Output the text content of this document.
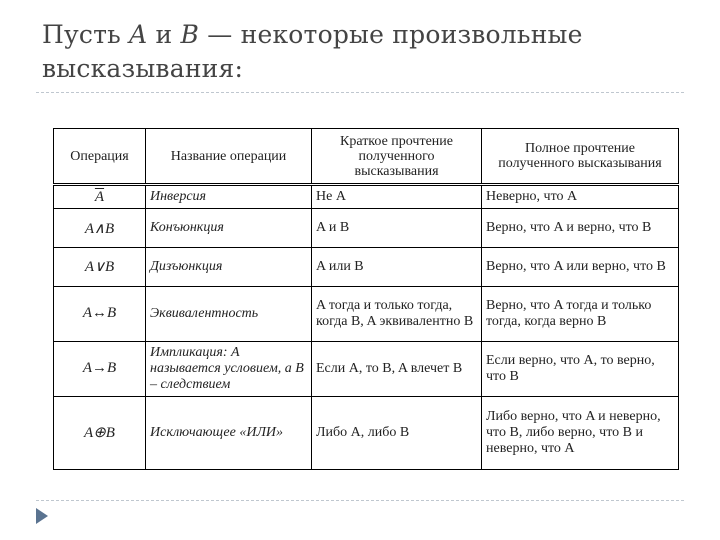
Пусть A и B — некоторые произвольные высказывания:
Операция	Название операции	Краткое прочтение полученного высказывания	Полное прочтение полученного высказывания
$\overline{A}$	Инверсия	Не A	Неверно, что A
A∧B	Конъюнкция	A и B	Верно, что A и верно, что B
A∨B	Дизъюнкция	A или B	Верно, что A или верно, что B
A↔B	Эквивалентность	A тогда и только тогда, когда B, A эквивалентно B	Верно, что A тогда и только тогда, когда верно B
A→B	Импликация: A называется условием, а B – следствием	Если A, то B, A влечет B	Если верно, что A, то верно, что B
A⊕B	Исключающее «ИЛИ»	Либо A, либо B	Либо верно, что A и неверно, что B, либо верно, что B и неверно, что A
